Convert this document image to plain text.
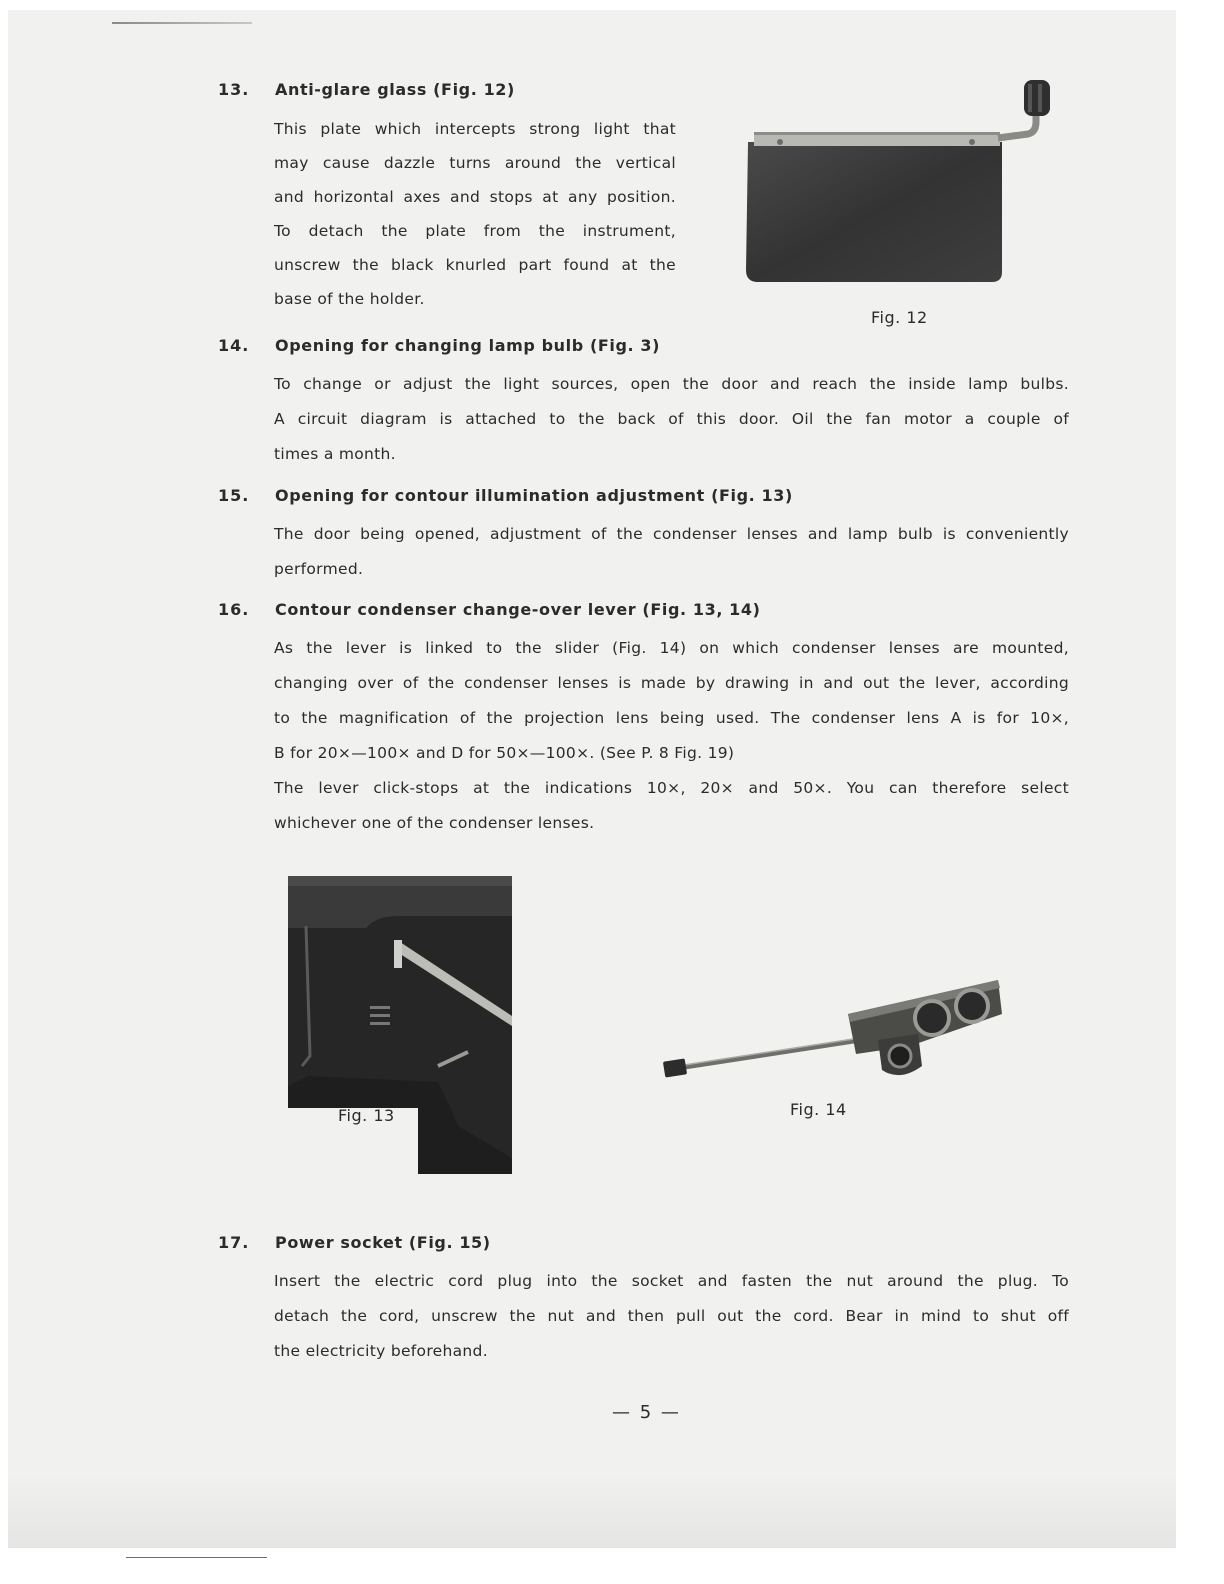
13. Anti-glare glass (Fig. 12)

This plate which intercepts strong light that
may cause dazzle turns around the vertical
and horizontal axes and stops at any position.
To detach the plate from the instrument,
unscrew the black knurled part found at the
base of the holder.

Fig. 12
14. Opening for changing lamp bulb (Fig. 3)

To change or adjust the light sources, open the door and reach the inside lamp bulbs.
A circuit diagram is attached to the back of this door. Oil the fan motor a couple of
times a month.

15. Opening for contour illumination adjustment (Fig. 13)

The door being opened, adjustment of the condenser lenses and lamp bulb is conveniently
performed.

16. Contour condenser change-over lever (Fig. 13, 14)

As the lever is linked to the slider (Fig. 14) on which condenser lenses are mounted,
changing over of the condenser lenses is made by drawing in and out the lever, according
to the magnification of the projection lens being used. The condenser lens A is for 10×,
B for 20×—100× and D for 50×—100×. (See P. 8 Fig. 19)
The lever click-stops at the indications 10×, 20× and 50×. You can therefore select
whichever one of the condenser lenses.

Fig. 13	Fig. 14
17. Power socket (Fig. 15)

Insert the electric cord plug into the socket and fasten the nut around the plug. To
detach the cord, unscrew the nut and then pull out the cord. Bear in mind to shut off
the electricity beforehand.

— 5 —
